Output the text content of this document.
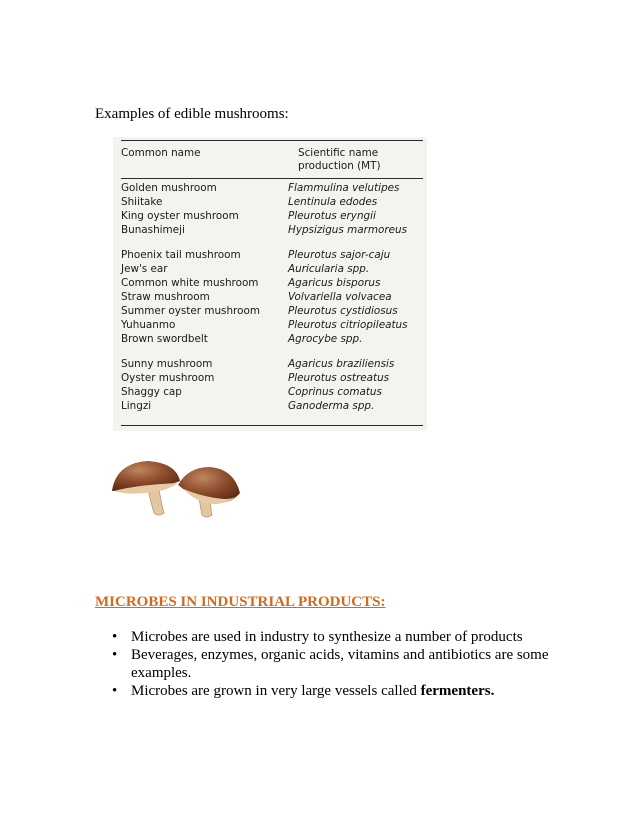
Examples of edible mushrooms:
Common name	Scientific name
production (MT)
Golden mushroom	Flammulina velutipes
Shiitake	Lentinula edodes
King oyster mushroom	Pleurotus eryngii
Bunashimeji	Hypsizigus marmoreus
Phoenix tail mushroom	Pleurotus sajor-caju
Jew's ear	Auricularia spp.
Common white mushroom	Agaricus bisporus
Straw mushroom	Volvariella volvacea
Summer oyster mushroom	Pleurotus cystidiosus
Yuhuanmo	Pleurotus citriopileatus
Brown swordbelt	Agrocybe spp.
Sunny mushroom	Agaricus braziliensis
Oyster mushroom	Pleurotus ostreatus
Shaggy cap	Coprinus comatus
Lingzi	Ganoderma spp.
MICROBES IN INDUSTRIAL PRODUCTS:
• Microbes are used in industry to synthesize a number of products
• Beverages, enzymes, organic acids, vitamins and antibiotics are some examples.
• Microbes are grown in very large vessels called fermenters.
